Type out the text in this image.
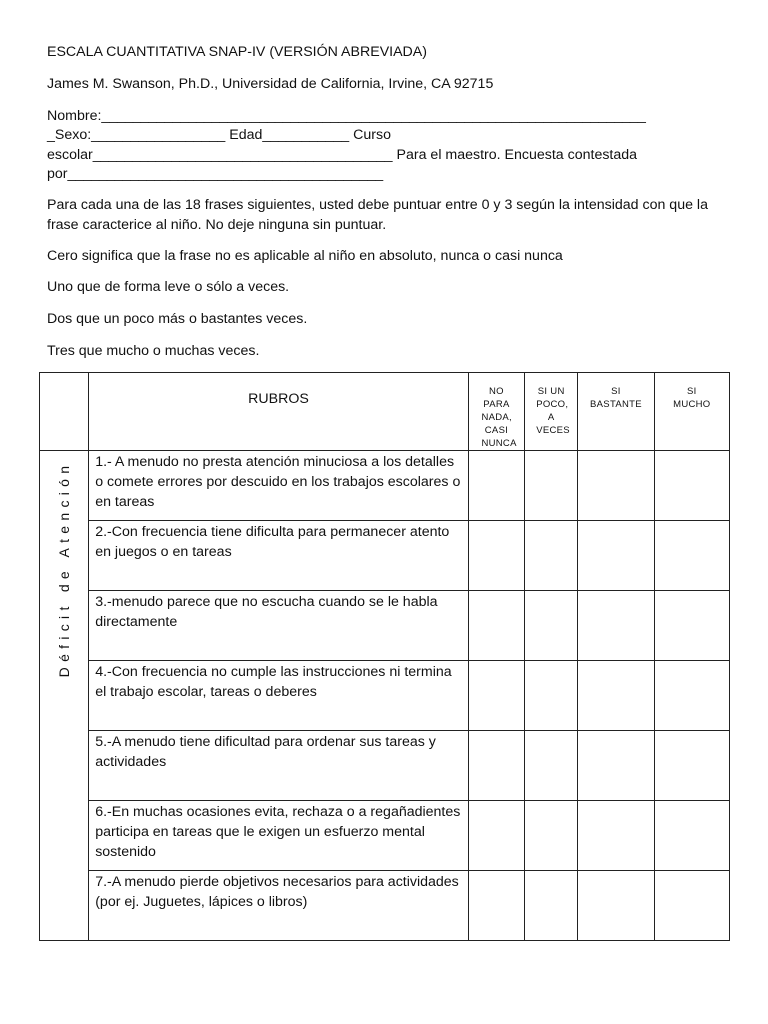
ESCALA CUANTITATIVA SNAP-IV (VERSIÓN ABREVIADA)
James M. Swanson, Ph.D., Universidad de California, Irvine, CA 92715
Nombre:_____________________________________________________________________
_Sexo:_________________ Edad___________ Curso
escolar______________________________________ Para el maestro. Encuesta contestada
por________________________________________
Para cada una de las 18 frases siguientes, usted debe puntuar entre 0 y 3 según la intensidad con que la frase caracterice al niño. No deje ninguna sin puntuar.
Cero significa que la frase no es aplicable al niño en absoluto, nunca o casi nunca
Uno que de forma leve o sólo a veces.
Dos que un poco más o bastantes veces.
Tres que mucho o muchas veces.
	RUBROS	NO PARA NADA, CASI NUNCA	SI UN POCO, A VECES	SI BASTANTE	SI MUCHO

Déficit de Atención	1.- A menudo no presta atención minuciosa a los detalles o comete errores por descuido en los trabajos escolares o en tareas				
	2.-Con frecuencia tiene dificulta para permanecer atento en juegos o en tareas				
	3.-menudo parece que no escucha cuando se le habla directamente				
	4.-Con frecuencia no cumple las instrucciones ni termina el trabajo escolar, tareas o deberes				
	5.-A menudo tiene dificultad para ordenar sus tareas y actividades				
	6.-En muchas ocasiones evita, rechaza o a regañadientes participa en tareas que le exigen un esfuerzo mental sostenido				
	7.-A menudo pierde objetivos necesarios para actividades (por ej. Juguetes, lápices o libros)				
